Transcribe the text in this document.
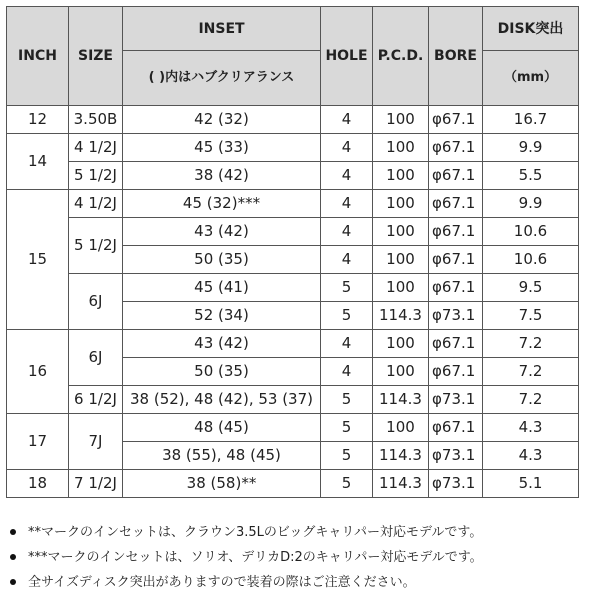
INCH	SIZE	INSET	HOLE	P.C.D.	BORE	DISK突出
		( )内はハブクリアランス				（mm）
12	3.50B	42 (32)	4	100	φ67.1	16.7
14	4 1/2J	45 (33)	4	100	φ67.1	9.9
	5 1/2J	38 (42)	4	100	φ67.1	5.5
15	4 1/2J	45 (32)***	4	100	φ67.1	9.9
	5 1/2J	43 (42)	4	100	φ67.1	10.6
		50 (35)	4	100	φ67.1	10.6
	6J	45 (41)	5	100	φ67.1	9.5
		52 (34)	5	114.3	φ73.1	7.5
16	6J	43 (42)	4	100	φ67.1	7.2
		50 (35)	4	100	φ67.1	7.2
	6 1/2J	38 (52), 48 (42), 53 (37)	5	114.3	φ73.1	7.2
17	7J	48 (45)	5	100	φ67.1	4.3
		38 (55), 48 (45)	5	114.3	φ73.1	4.3
18	7 1/2J	38 (58)**	5	114.3	φ73.1	5.1
**マークのインセットは、クラウン3.5Lのビッグキャリパー対応モデルです。
***マークのインセットは、ソリオ、デリカD:2のキャリパー対応モデルです。
全サイズディスク突出がありますので装着の際はご注意ください。
